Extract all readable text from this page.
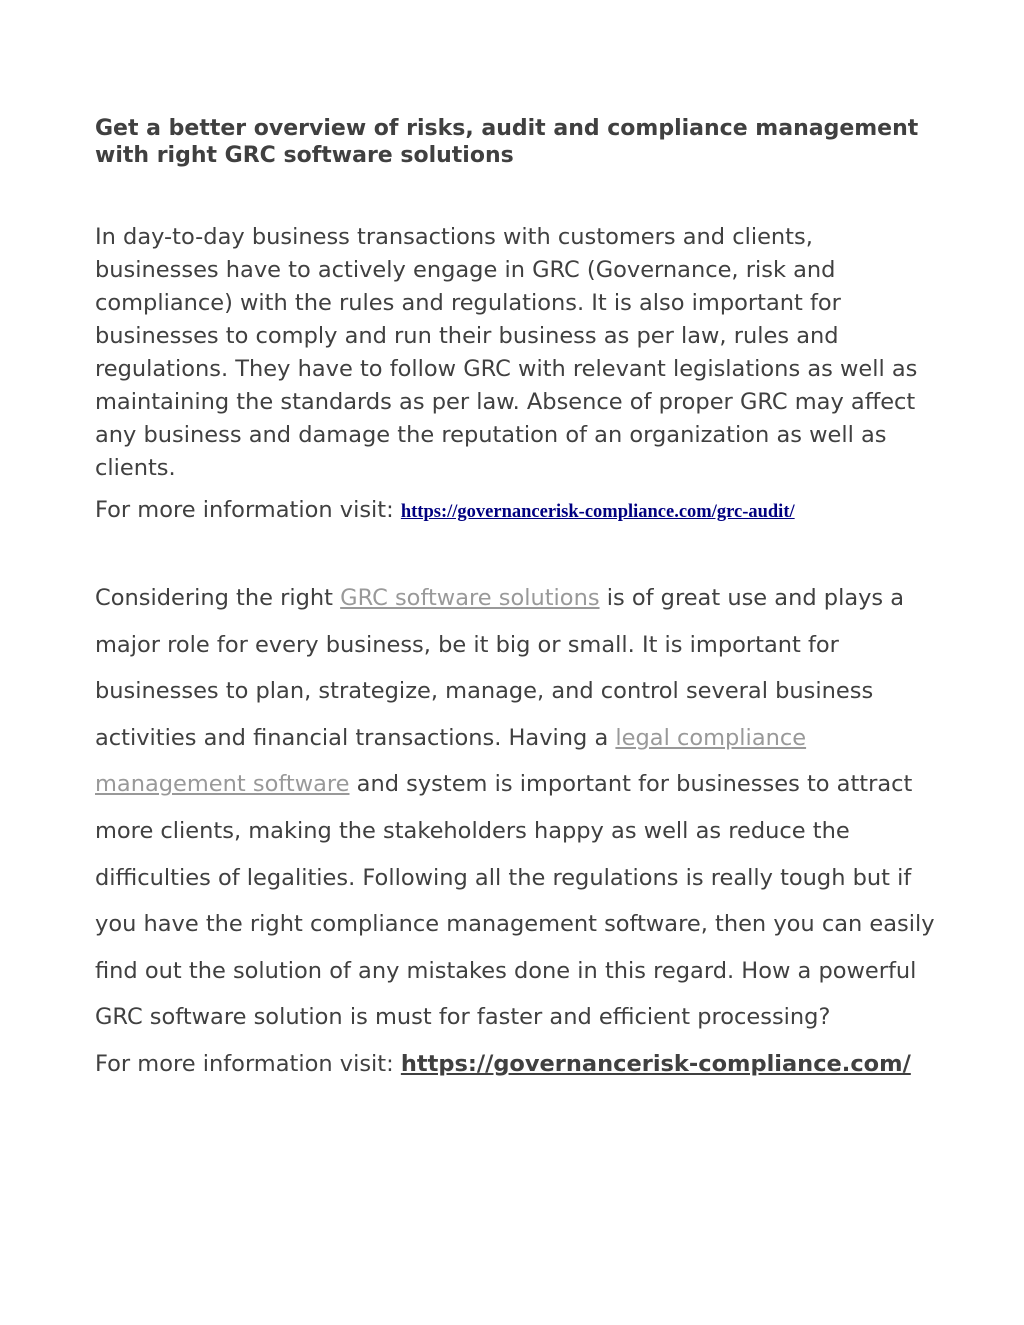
Get a better overview of risks, audit and compliance management with right GRC software solutions

In day-to-day business transactions with customers and clients, businesses have to actively engage in GRC (Governance, risk and compliance) with the rules and regulations. It is also important for businesses to comply and run their business as per law, rules and regulations. They have to follow GRC with relevant legislations as well as maintaining the standards as per law. Absence of proper GRC may affect any business and damage the reputation of an organization as well as clients.

For more information visit: https://governancerisk-compliance.com/grc-audit/

Considering the right GRC software solutions is of great use and plays a major role for every business, be it big or small. It is important for businesses to plan, strategize, manage, and control several business activities and financial transactions. Having a legal compliance management software and system is important for businesses to attract more clients, making the stakeholders happy as well as reduce the difficulties of legalities. Following all the regulations is really tough but if you have the right compliance management software, then you can easily find out the solution of any mistakes done in this regard. How a powerful GRC software solution is must for faster and efficient processing?
For more information visit: https://governancerisk-compliance.com/
